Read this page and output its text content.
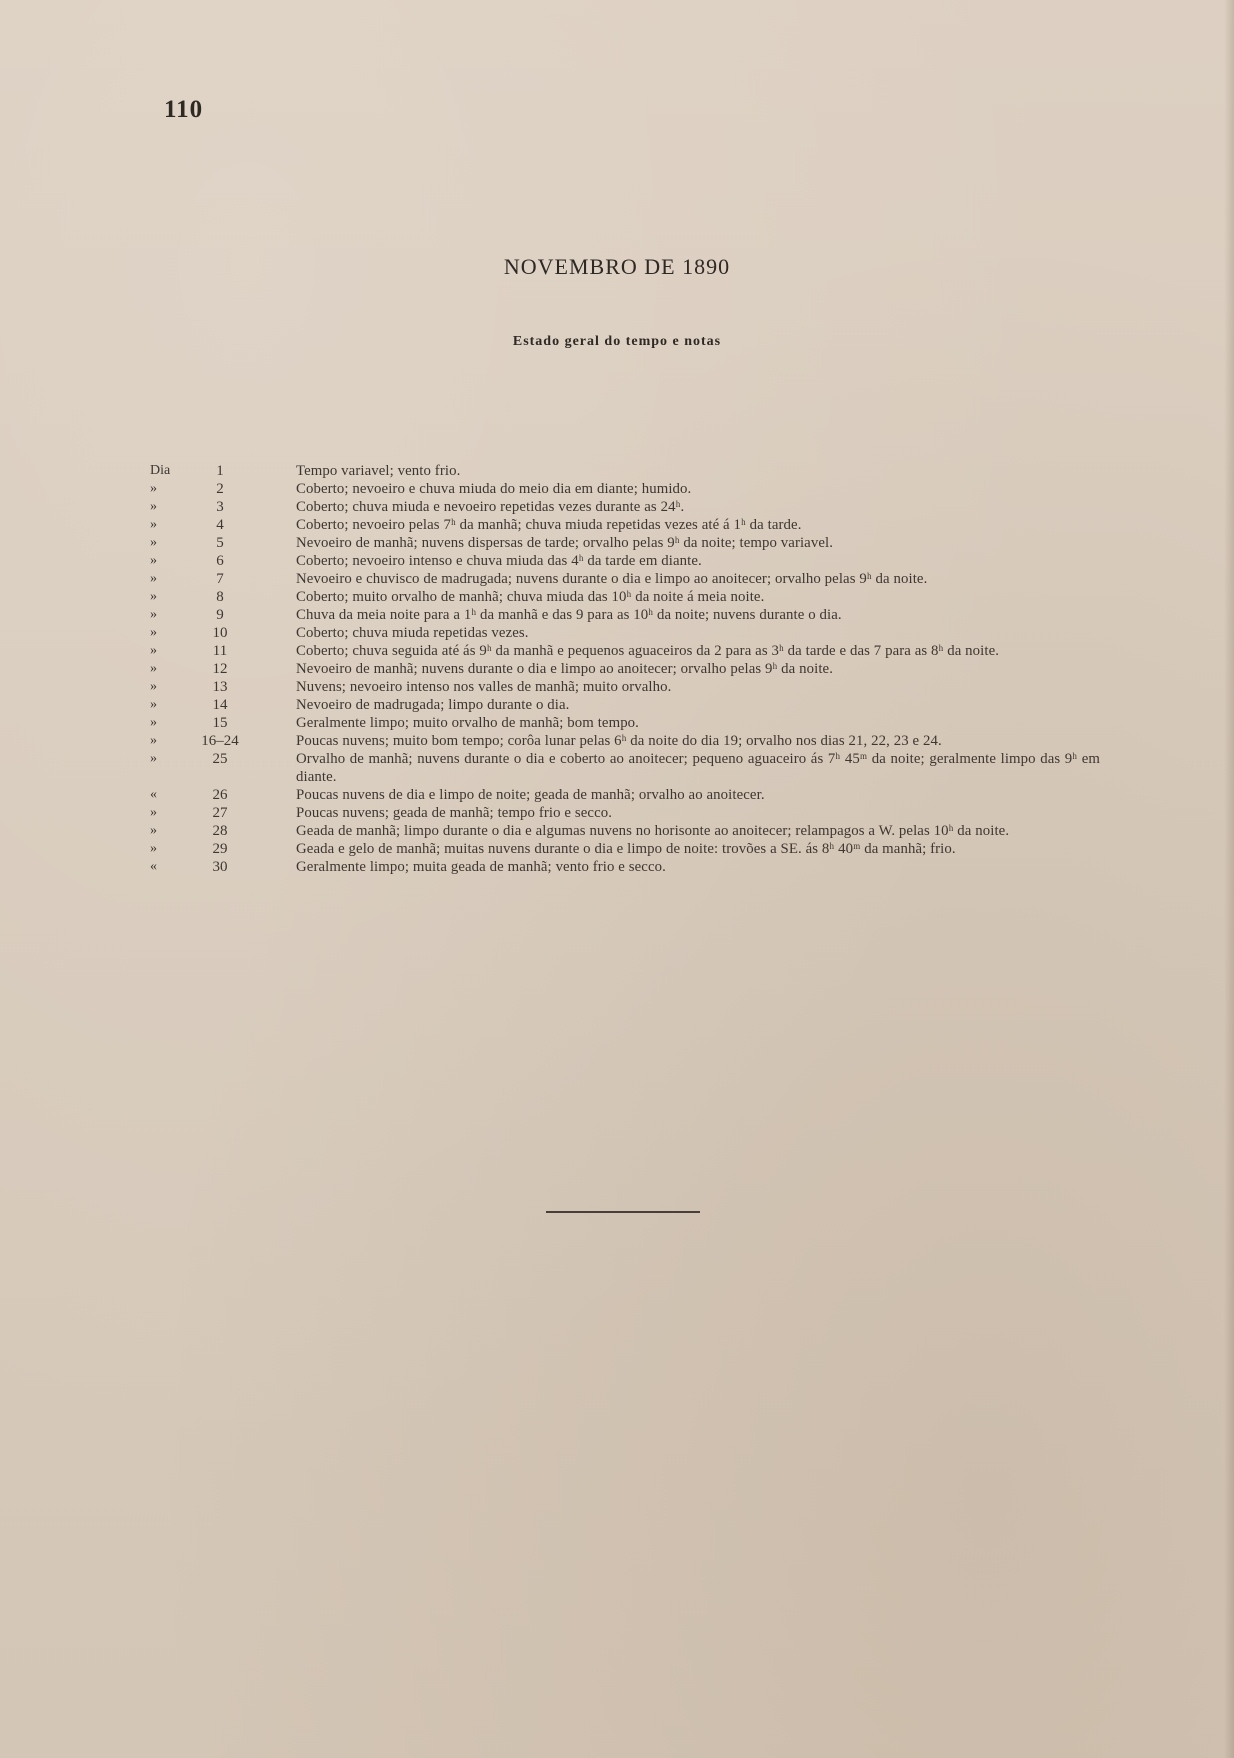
110
NOVEMBRO DE 1890
Estado geral do tempo e notas
Dia	1	Tempo variavel; vento frio.
»	2	Coberto; nevoeiro e chuva miuda do meio dia em diante; humido.
»	3	Coberto; chuva miuda e nevoeiro repetidas vezes durante as 24ʰ.
»	4	Coberto; nevoeiro pelas 7ʰ da manhã; chuva miuda repetidas vezes até á 1ʰ da tarde.
»	5	Nevoeiro de manhã; nuvens dispersas de tarde; orvalho pelas 9ʰ da noite; tempo variavel.
»	6	Coberto; nevoeiro intenso e chuva miuda das 4ʰ da tarde em diante.
»	7	Nevoeiro e chuvisco de madrugada; nuvens durante o dia e limpo ao anoitecer; orvalho pelas 9ʰ da noite.
»	8	Coberto; muito orvalho de manhã; chuva miuda das 10ʰ da noite á meia noite.
»	9	Chuva da meia noite para a 1ʰ da manhã e das 9 para as 10ʰ da noite; nuvens durante o dia.
»	10	Coberto; chuva miuda repetidas vezes.
»	11	Coberto; chuva seguida até ás 9ʰ da manhã e pequenos aguaceiros da 2 para as 3ʰ da tarde e das 7 para as 8ʰ da noite.
»	12	Nevoeiro de manhã; nuvens durante o dia e limpo ao anoitecer; orvalho pelas 9ʰ da noite.
»	13	Nuvens; nevoeiro intenso nos valles de manhã; muito orvalho.
»	14	Nevoeiro de madrugada; limpo durante o dia.
»	15	Geralmente limpo; muito orvalho de manhã; bom tempo.
»	16–24	Poucas nuvens; muito bom tempo; corôa lunar pelas 6ʰ da noite do dia 19; orvalho nos dias 21, 22, 23 e 24.
»	25	Orvalho de manhã; nuvens durante o dia e coberto ao anoitecer; pequeno aguaceiro ás 7ʰ 45ᵐ da noite; geralmente limpo das 9ʰ em diante.
«	26	Poucas nuvens de dia e limpo de noite; geada de manhã; orvalho ao anoitecer.
»	27	Poucas nuvens; geada de manhã; tempo frio e secco.
»	28	Geada de manhã; limpo durante o dia e algumas nuvens no horisonte ao anoitecer; relampagos a W. pelas 10ʰ da noite.
»	29	Geada e gelo de manhã; muitas nuvens durante o dia e limpo de noite: trovões a SE. ás 8ʰ 40ᵐ da manhã; frio.
«	30	Geralmente limpo; muita geada de manhã; vento frio e secco.
